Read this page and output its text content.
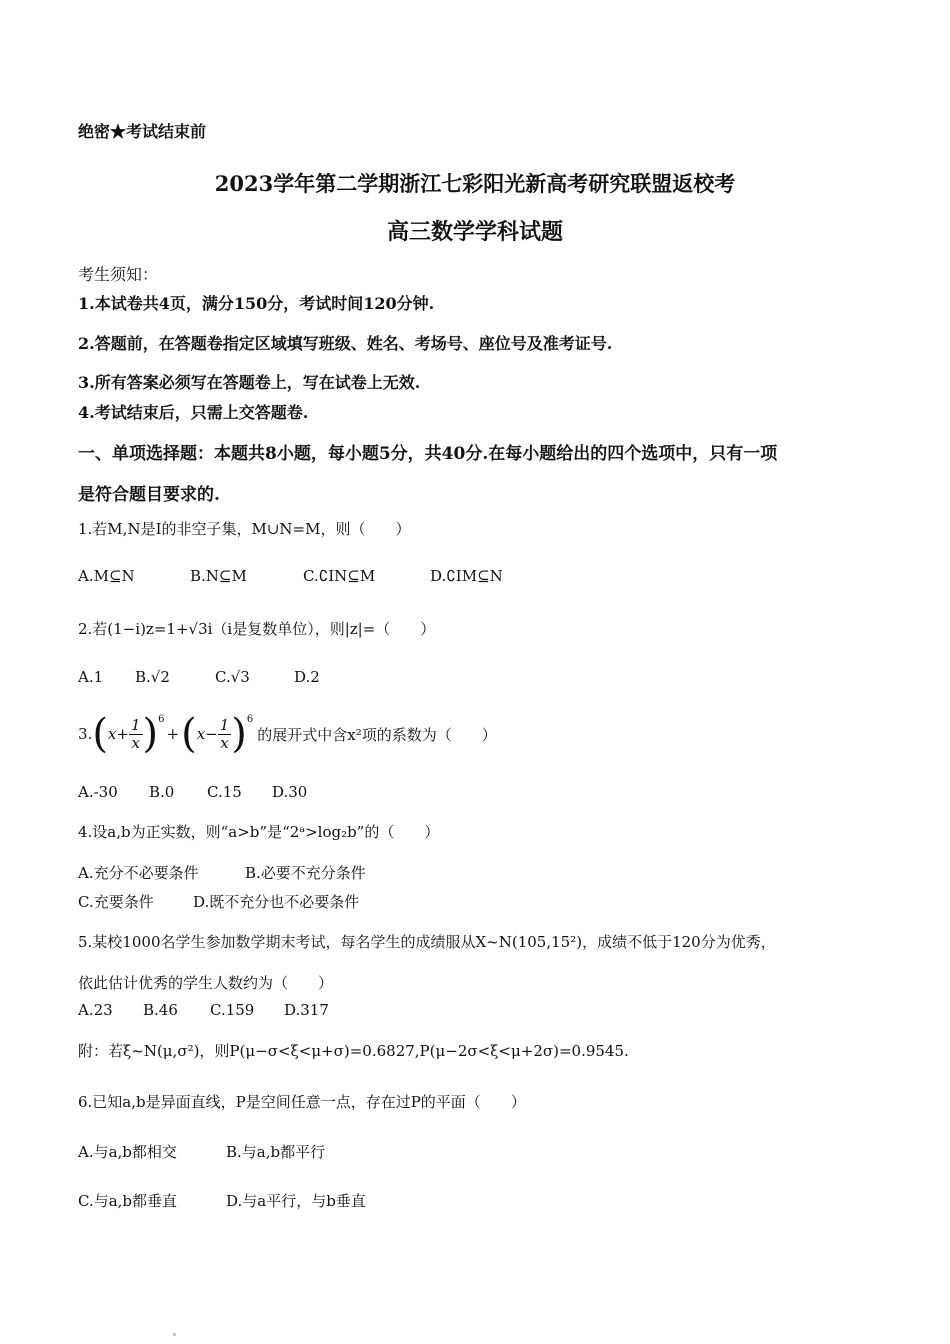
绝密★考试结束前
2023学年第二学期浙江七彩阳光新高考研究联盟返校考
高三数学学科试题
考生须知：
1.本试卷共4页，满分150分，考试时间120分钟.
2.答题前，在答题卷指定区域填写班级、姓名、考场号、座位号及准考证号.
3.所有答案必须写在答题卷上，写在试卷上无效.
4.考试结束后，只需上交答题卷.
一、单项选择题：本题共8小题，每小题5分，共40分.在每小题给出的四个选项中，只有一项
是符合题目要求的.
1.若M,N是I的非空子集，M∪N=M，则（　　）
A.M⊆N	B.N⊆M	C.∁IN⊆M	D.∁IM⊆N
2.若(1−i)z=1+√3i（i是复数单位），则|z|=（　　）
A.1 B.√2	C.√3	D.2
3. ( $x + \frac{1}{x} )^6$
+ ( $x - \frac{1}{x} )^6$
的展开式中含x²项的系数为（　　）
A.-30 B.0 C.15 D.30
4.设a,b为正实数，则“a>b”是“2ᵃ>log₂b”的（　　）
A.充分不必要条件	B.必要不充分条件
C.充要条件	D.既不充分也不必要条件
5.某校1000名学生参加数学期末考试，每名学生的成绩服从X~N(105,15²)，成绩不低于120分为优秀，
依此估计优秀的学生人数约为（　　）
A.23 B.46 C.159 D.317
附：若ξ~N(μ,σ²)，则P(μ−σ<ξ<μ+σ)=0.6827,P(μ−2σ<ξ<μ+2σ)=0.9545.
6.已知a,b是异面直线，P是空间任意一点，存在过P的平面（　　）
A.与a,b都相交	B.与a,b都平行
C.与a,b都垂直	D.与a平行，与b垂直
